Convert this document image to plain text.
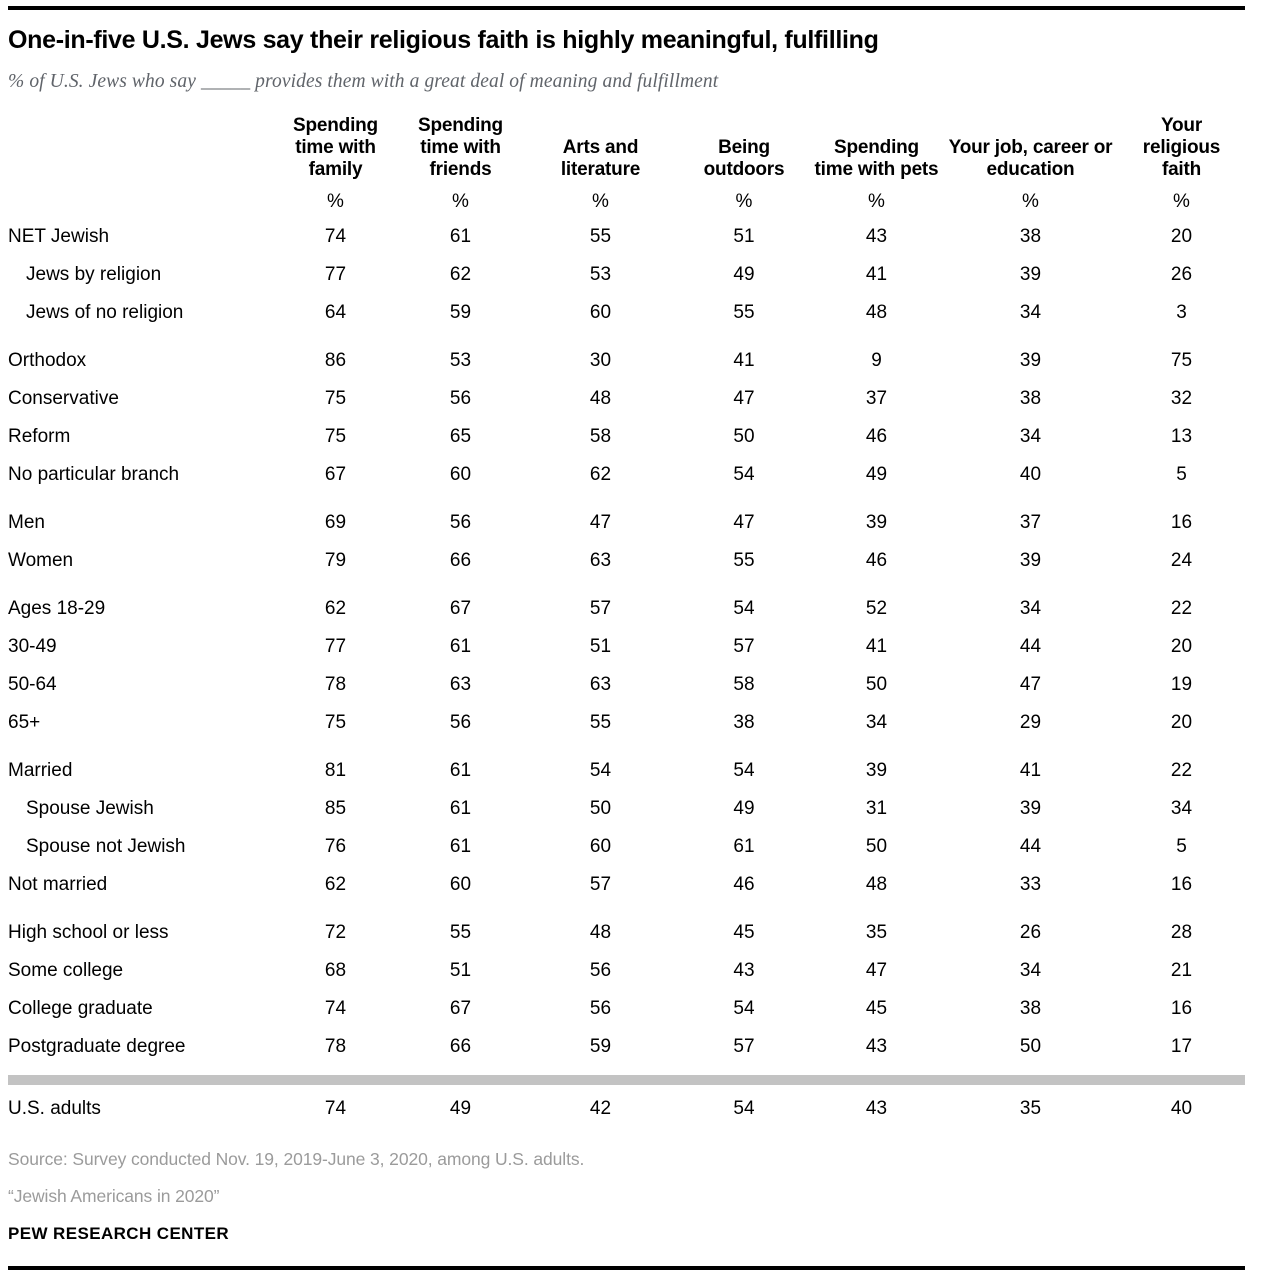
One-in-five U.S. Jews say their religious faith is highly meaningful, fulfilling
% of U.S. Jews who say _____ provides them with a great deal of meaning and fulfillment
	Spending time with family	Spending time with friends	Arts and literature	Being outdoors	Spending time with pets	Your job, career or education	Your religious faith
	%	%	%	%	%	%	%
NET Jewish	74	61	55	51	43	38	20
Jews by religion	77	62	53	49	41	39	26
Jews of no religion	64	59	60	55	48	34	3
Orthodox	86	53	30	41	9	39	75
Conservative	75	56	48	47	37	38	32
Reform	75	65	58	50	46	34	13
No particular branch	67	60	62	54	49	40	5
Men	69	56	47	47	39	37	16
Women	79	66	63	55	46	39	24
Ages 18-29	62	67	57	54	52	34	22
30-49	77	61	51	57	41	44	20
50-64	78	63	63	58	50	47	19
65+	75	56	55	38	34	29	20
Married	81	61	54	54	39	41	22
Spouse Jewish	85	61	50	49	31	39	34
Spouse not Jewish	76	61	60	61	50	44	5
Not married	62	60	57	46	48	33	16
High school or less	72	55	48	45	35	26	28
Some college	68	51	56	43	47	34	21
College graduate	74	67	56	54	45	38	16
Postgraduate degree	78	66	59	57	43	50	17

U.S. adults	74	49	42	54	43	35	40
Source: Survey conducted Nov. 19, 2019-June 3, 2020, among U.S. adults.
“Jewish Americans in 2020”
PEW RESEARCH CENTER
